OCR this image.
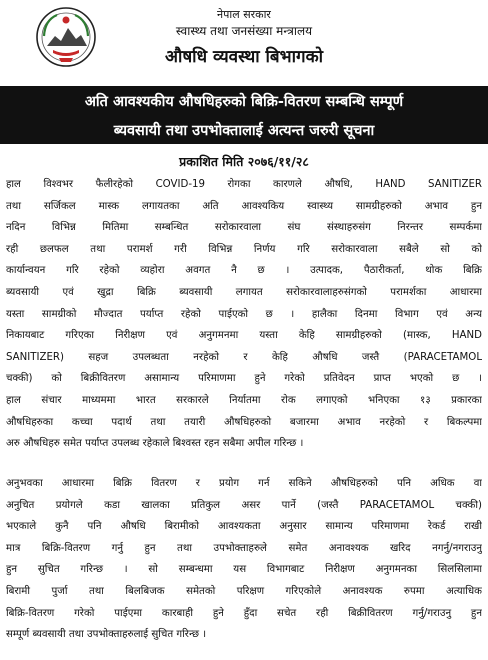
नेपाल सरकार
स्वास्थ्य तथा जनसंख्या मन्त्रालय
औषधि व्यवस्था बिभागको
अति आवश्यकीय औषधिहरुको बिक्रि-वितरण सम्बन्धि सम्पूर्ण
ब्यवसायी तथा उपभोक्तालाई अत्यन्त जरुरी सूचना
प्रकाशित मिति २०७६/११/२८
हाल विश्वभर फैलीरहेको COVID-19 रोगका कारणले औषधि, HAND SANITIZER
तथा सर्जिकल मास्क लगायतका अति आवश्यकिय स्वास्थ्य सामग्रीहरुको अभाव हुन
नदिन विभिन्न मितिमा सम्बन्धित सरोकारवाला संघ संस्थाहरुसंग निरन्तर सम्पर्कमा
रही छलफल तथा परामर्श गरी विभिन्न निर्णय गरि सरोकारवाला सबैले सो को
कार्यान्वयन गरि रहेको व्यहोरा अवगत नै छ । उत्पादक, पैठारीकर्ता, थोक बिक्रि
ब्यवसायी एवं खुद्रा बिक्रि ब्यवसायी लगायत सरोकारवालाहरुसंगको परामर्शका आधारमा
यस्ता सामग्रीको मौज्दात पर्याप्त रहेको पाईएको छ । हालैका दिनमा विभाग एवं अन्य
निकायबाट गरिएका निरीक्षण एवं अनुगमनमा यस्ता केहि सामग्रीहरुको (मास्क, HAND
SANITIZER) सहज उपलब्धता नरहेको र केहि औषधि जस्तै (PARACETAMOL
चक्की) को बिक्रीवितरण असामान्य परिमाणमा हुने गरेको प्रतिवेदन प्राप्त भएको छ ।
हाल संचार माध्यममा भारत सरकारले निर्यातमा रोक लगाएको भनिएका १३ प्रकारका
औषधिहरुका कच्चा पदार्थ तथा तयारी औषधिहरुको बजारमा अभाव नरहेको र बिकल्पमा
अरु औषधिहरु समेत पर्याप्त उपलब्ध रहेकाले बिश्वस्त रहन सबैमा अपील गरिन्छ ।
अनुभवका आधारमा बिक्रि वितरण र प्रयोग गर्न सकिने औषधिहरुको पनि अधिक वा
अनुचित प्रयोगले कडा खालका प्रतिकुल असर पार्ने (जस्तै PARACETAMOL चक्की)
भएकाले कुनै पनि औषधि बिरामीको आवश्यकता अनुसार सामान्य परिमाणमा रेकर्ड राखी
मात्र बिक्रि-वितरण गर्नु हुन तथा उपभोक्ताहरुले समेत अनावश्यक खरिद नगर्नु/नगराउनु
हुन सुचित गरिन्छ । सो सम्बन्धमा यस विभागबाट निरीक्षण अनुगमनका सिलसिलामा
बिरामी पुर्जा तथा बिलबिजक समेतको परिक्षण गरिएकोले अनावश्यक रुपमा अत्याधिक
बिक्रि-वितरण गरेको पाईएमा कारबाही हुने हुँदा सचेत रही बिक्रीवितरण गर्नु/गराउनु हुन
सम्पूर्ण ब्यवसायी तथा उपभोक्ताहरुलाई सुचित गरिन्छ ।
